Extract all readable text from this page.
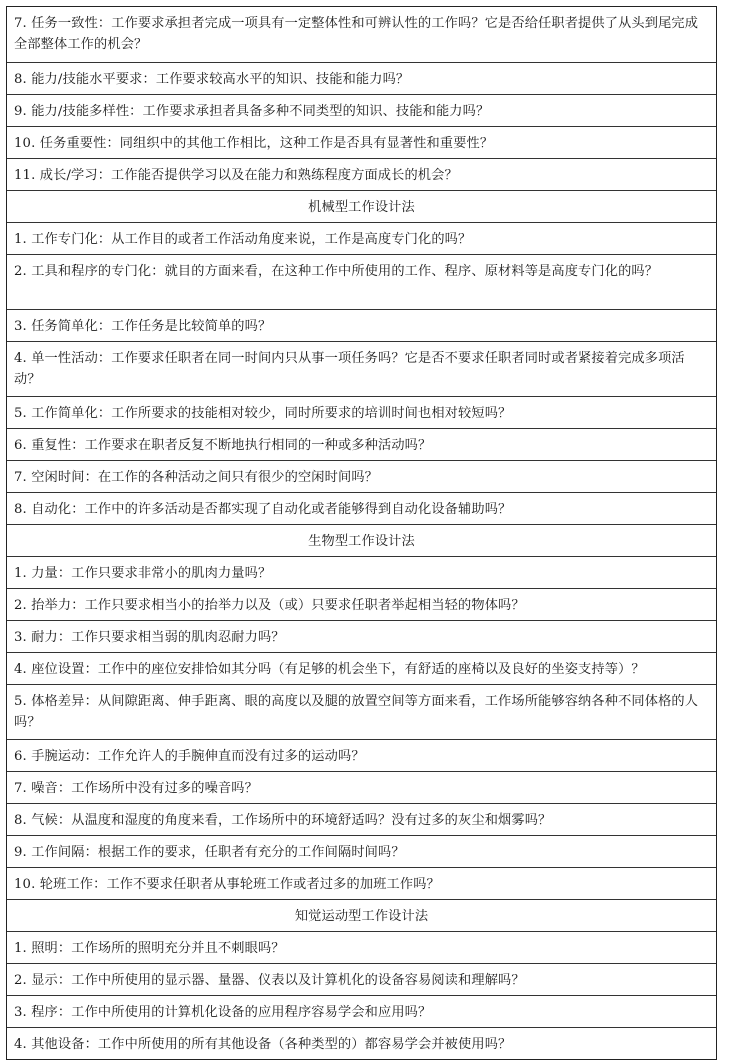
7. 任务一致性：工作要求承担者完成一项具有一定整体性和可辨认性的工作吗？它是否给任职者提供了从头到尾完成全部整体工作的机会？
8. 能力/技能水平要求：工作要求较高水平的知识、技能和能力吗？
9. 能力/技能多样性：工作要求承担者具备多种不同类型的知识、技能和能力吗？
10. 任务重要性：同组织中的其他工作相比，这种工作是否具有显著性和重要性？
11. 成长/学习：工作能否提供学习以及在能力和熟练程度方面成长的机会？
机械型工作设计法
1. 工作专门化：从工作目的或者工作活动角度来说，工作是高度专门化的吗？
2. 工具和程序的专门化：就目的方面来看，在这种工作中所使用的工作、程序、原材料等是高度专门化的吗？
3. 任务简单化：工作任务是比较简单的吗？
4. 单一性活动：工作要求任职者在同一时间内只从事一项任务吗？它是否不要求任职者同时或者紧接着完成多项活动？
5. 工作简单化：工作所要求的技能相对较少，同时所要求的培训时间也相对较短吗？
6. 重复性：工作要求在职者反复不断地执行相同的一种或多种活动吗？
7. 空闲时间：在工作的各种活动之间只有很少的空闲时间吗？
8. 自动化：工作中的许多活动是否都实现了自动化或者能够得到自动化设备辅助吗？
生物型工作设计法
1. 力量：工作只要求非常小的肌肉力量吗？
2. 抬举力：工作只要求相当小的抬举力以及（或）只要求任职者举起相当轻的物体吗？
3. 耐力：工作只要求相当弱的肌肉忍耐力吗？
4. 座位设置：工作中的座位安排恰如其分吗（有足够的机会坐下，有舒适的座椅以及良好的坐姿支持等）？
5. 体格差异：从间隙距离、伸手距离、眼的高度以及腿的放置空间等方面来看，工作场所能够容纳各种不同体格的人吗？
6. 手腕运动：工作允许人的手腕伸直而没有过多的运动吗？
7. 噪音：工作场所中没有过多的噪音吗？
8. 气候：从温度和湿度的角度来看，工作场所中的环境舒适吗？没有过多的灰尘和烟雾吗？
9. 工作间隔：根据工作的要求，任职者有充分的工作间隔时间吗？
10. 轮班工作：工作不要求任职者从事轮班工作或者过多的加班工作吗？
知觉运动型工作设计法
1. 照明：工作场所的照明充分并且不刺眼吗？
2. 显示：工作中所使用的显示器、量器、仪表以及计算机化的设备容易阅读和理解吗？
3. 程序：工作中所使用的计算机化设备的应用程序容易学会和应用吗？
4. 其他设备：工作中所使用的所有其他设备（各种类型的）都容易学会并被使用吗？
